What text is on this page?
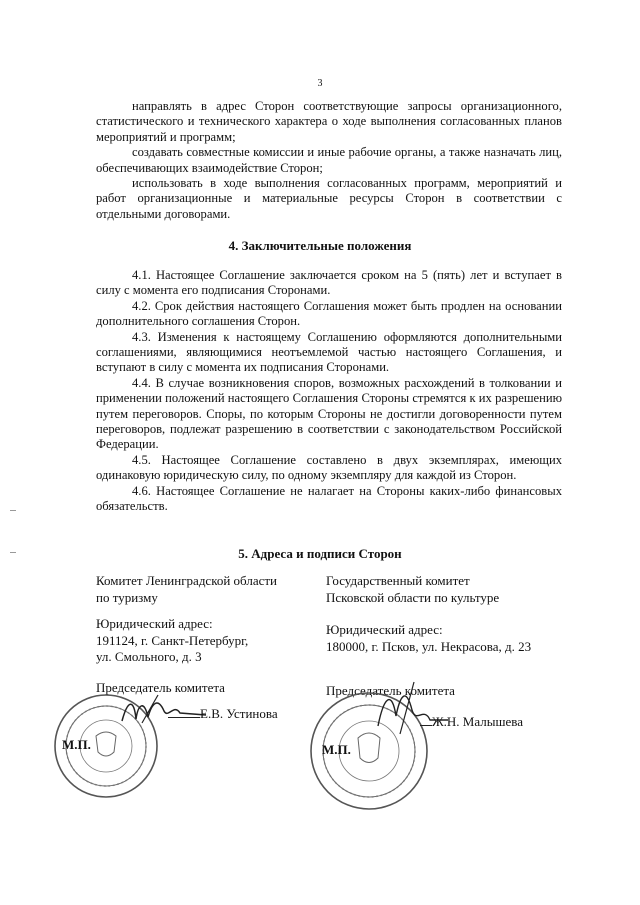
3

направлять в адрес Сторон соответствующие запросы организационного, статистического и технического характера о ходе выполнения согласованных планов мероприятий и программ;

создавать совместные комиссии и иные рабочие органы, а также назначать лиц, обеспечивающих взаимодействие Сторон;

использовать в ходе выполнения согласованных программ, мероприятий и работ организационные и материальные ресурсы Сторон в соответствии с отдельными договорами.

4. Заключительные положения

4.1. Настоящее Соглашение заключается сроком на 5 (пять) лет и вступает в силу с момента его подписания Сторонами.

4.2. Срок действия настоящего Соглашения может быть продлен на основании дополнительного соглашения Сторон.

4.3. Изменения к настоящему Соглашению оформляются дополнительными соглашениями, являющимися неотъемлемой частью настоящего Соглашения, и вступают в силу с момента их подписания Сторонами.

4.4. В случае возникновения споров, возможных расхождений в толковании и применении положений настоящего Соглашения Стороны стремятся к их разрешению путем переговоров. Споры, по которым Стороны не достигли договоренности путем переговоров, подлежат разрешению в соответствии с законодательством Российской Федерации.

4.5. Настоящее Соглашение составлено в двух экземплярах, имеющих одинаковую юридическую силу, по одному экземпляру для каждой из Сторон.

4.6. Настоящее Соглашение не налагает на Стороны каких-либо финансовых обязательств.

5. Адреса и подписи Сторон
Комитет Ленинградской области
по туризму
Юридический адрес:
191124, г. Санкт-Петербург,
ул. Смольного, д. 3
Председатель комитета
М.П.
Е.В. Устинова
Государственный комитет
Псковской области по культуре
Юридический адрес:
180000, г. Псков, ул. Некрасова, д. 23
Председатель комитета
М.П.
Ж.Н. Малышева
